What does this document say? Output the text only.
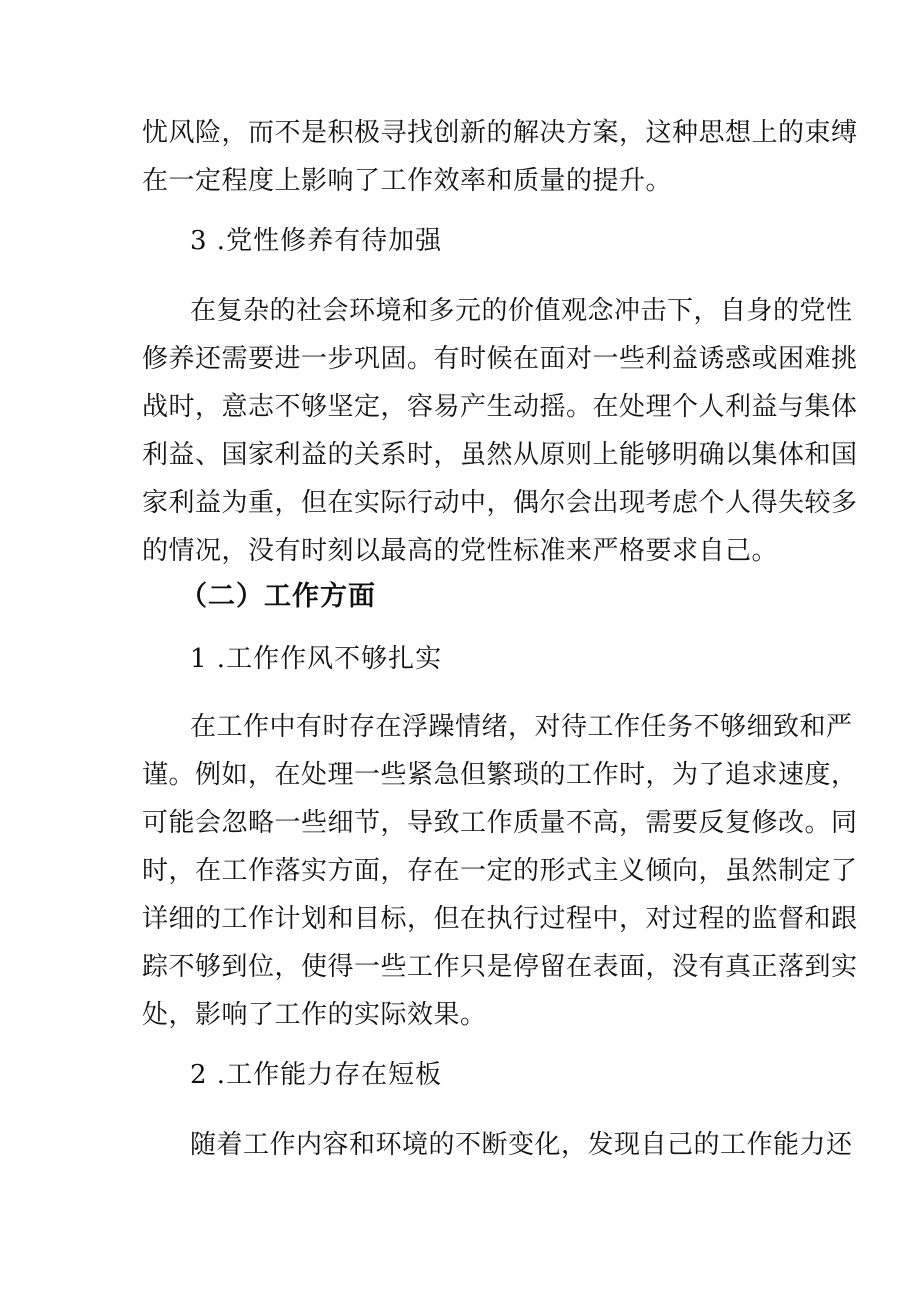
忧风险，而不是积极寻找创新的解决方案，这种思想上的束缚
在一定程度上影响了工作效率和质量的提升。
3 .党性修养有待加强
在复杂的社会环境和多元的价值观念冲击下，自身的党性
修养还需要进一步巩固。有时候在面对一些利益诱惑或困难挑
战时，意志不够坚定，容易产生动摇。在处理个人利益与集体
利益、国家利益的关系时，虽然从原则上能够明确以集体和国
家利益为重，但在实际行动中，偶尔会出现考虑个人得失较多
的情况，没有时刻以最高的党性标准来严格要求自己。
（二）工作方面
1 .工作作风不够扎实
在工作中有时存在浮躁情绪，对待工作任务不够细致和严
谨。例如，在处理一些紧急但繁琐的工作时，为了追求速度，
可能会忽略一些细节，导致工作质量不高，需要反复修改。同
时，在工作落实方面，存在一定的形式主义倾向，虽然制定了
详细的工作计划和目标，但在执行过程中，对过程的监督和跟
踪不够到位，使得一些工作只是停留在表面，没有真正落到实
处，影响了工作的实际效果。
2 .工作能力存在短板
随着工作内容和环境的不断变化，发现自己的工作能力还
